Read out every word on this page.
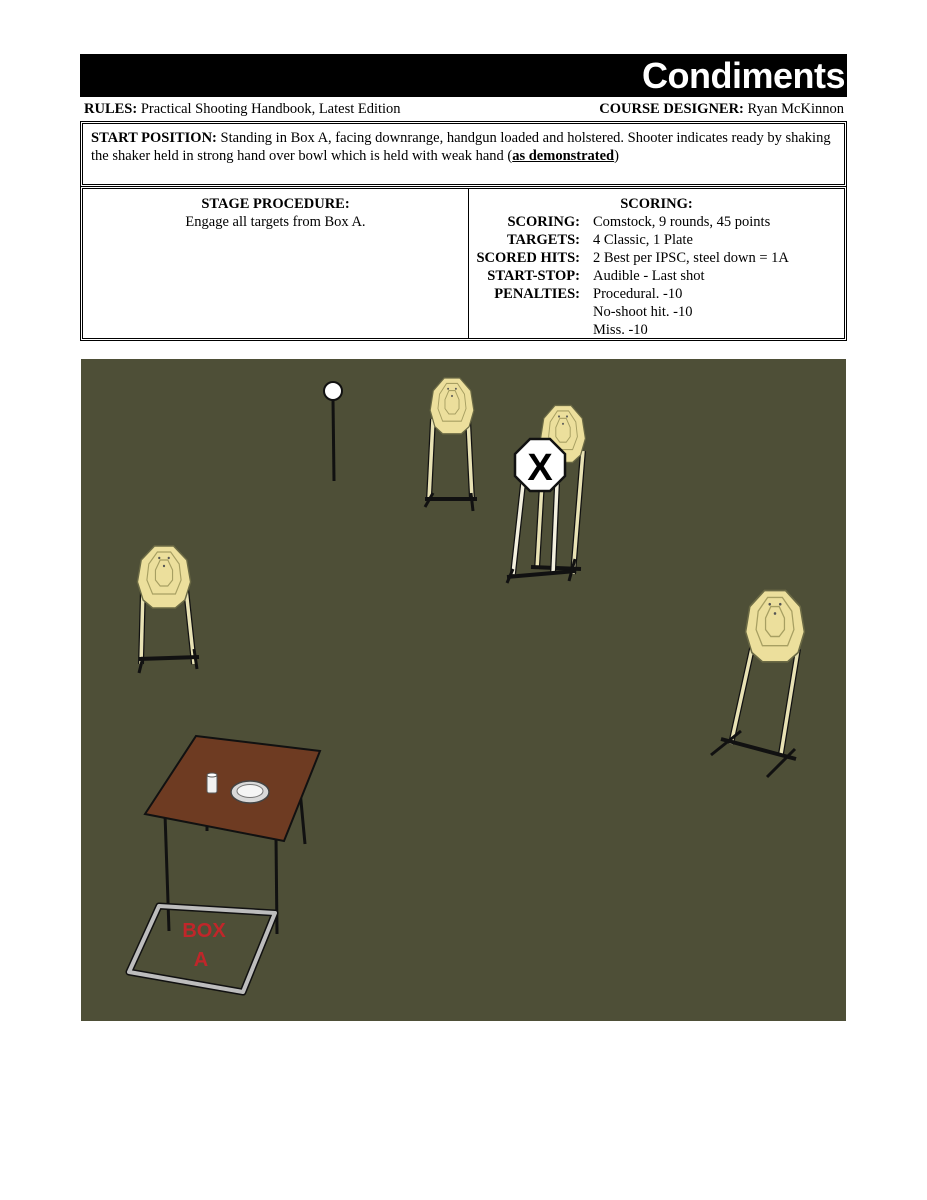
Condiments
RULES: Practical Shooting Handbook, Latest Edition	COURSE DESIGNER: Ryan McKinnon
START POSITION: Standing in Box A, facing downrange, handgun loaded and holstered. Shooter indicates ready by shaking the shaker held in strong hand over bowl which is held with weak hand (as demonstrated)
STAGE PROCEDURE:
Engage all targets from Box A.
SCORING:
SCORING: Comstock, 9 rounds, 45 points
TARGETS: 4 Classic, 1 Plate
SCORED HITS: 2 Best per IPSC, steel down = 1A
START-STOP: Audible - Last shot
PENALTIES: Procedural. -10
No-shoot hit. -10
Miss. -10
X
BOX
A
